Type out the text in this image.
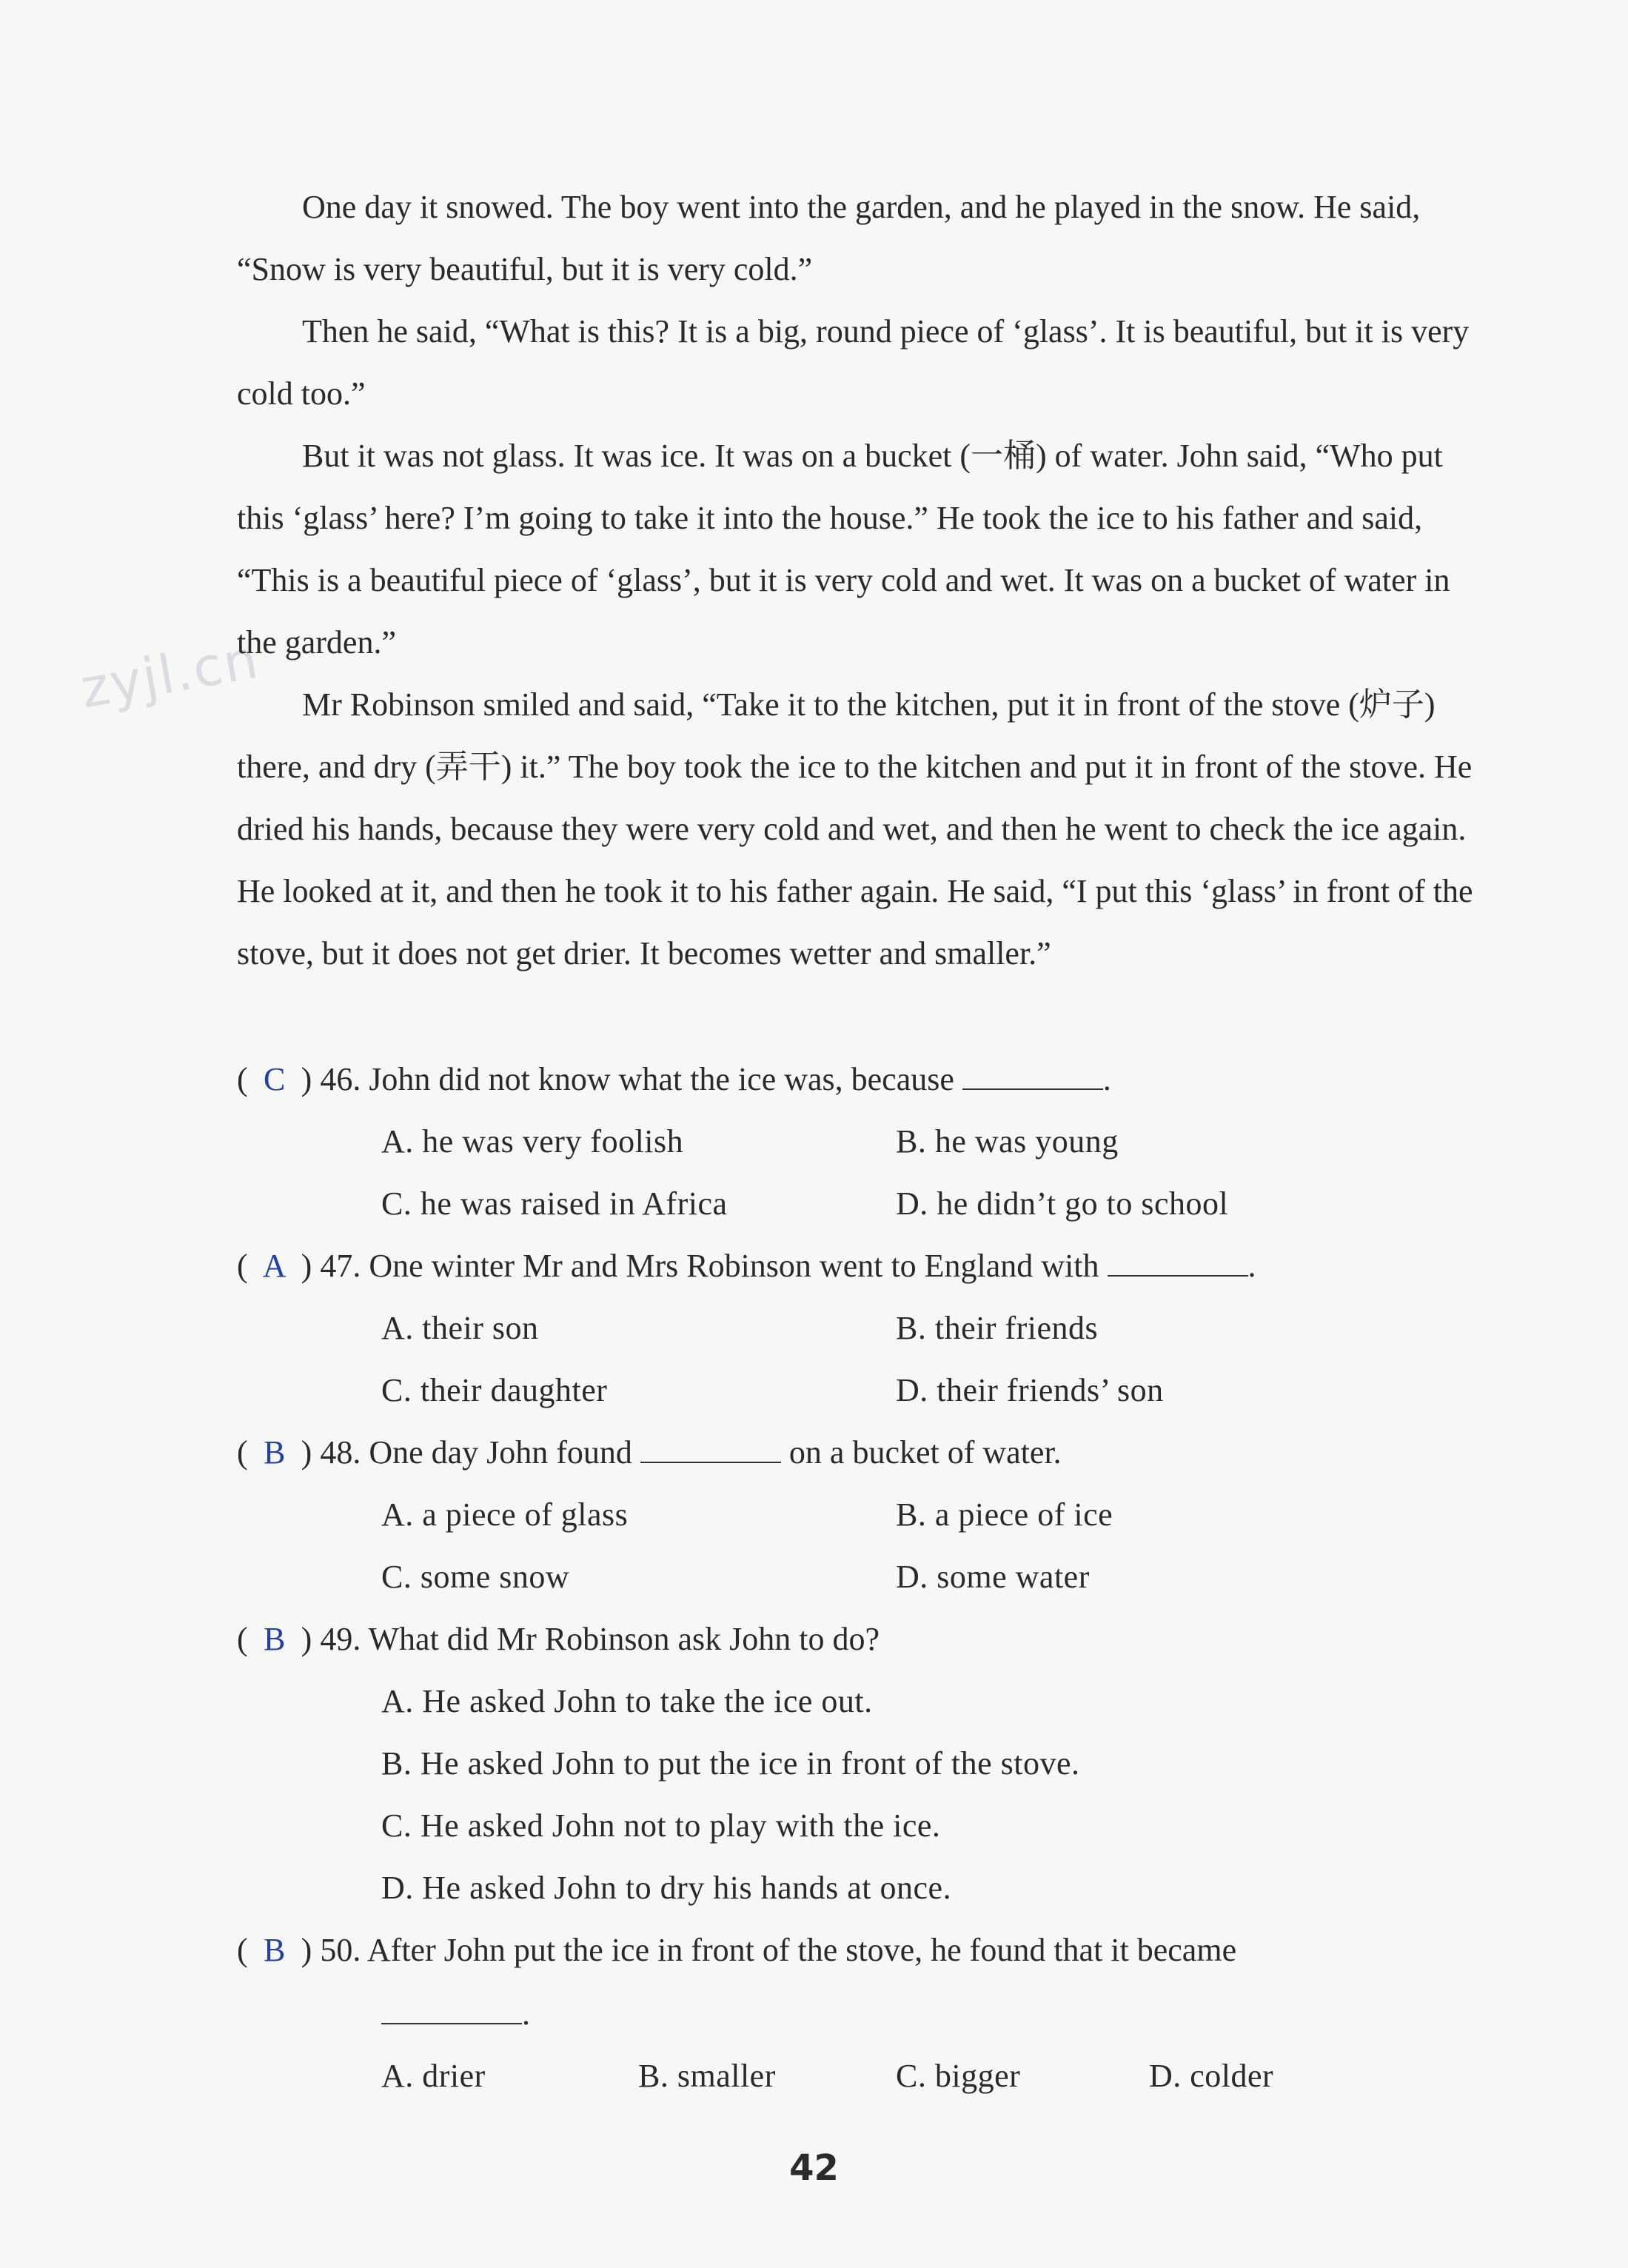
zyjl.cn

One day it snowed. The boy went into the garden, and he played in the snow. He said, “Snow is very beautiful, but it is very cold.”

Then he said, “What is this? It is a big, round piece of ‘glass’. It is beautiful, but it is very cold too.”

But it was not glass. It was ice. It was on a bucket (一桶) of water. John said, “Who put this ‘glass’ here? I’m going to take it into the house.” He took the ice to his father and said, “This is a beautiful piece of ‘glass’, but it is very cold and wet. It was on a bucket of water in the garden.”

Mr Robinson smiled and said, “Take it to the kitchen, put it in front of the stove (炉子) there, and dry (弄干) it.” The boy took the ice to the kitchen and put it in front of the stove. He dried his hands, because they were very cold and wet, and then he went to check the ice again. He looked at it, and then he took it to his father again. He said, “I put this ‘glass’ in front of the stove, but it does not get drier. It becomes wetter and smaller.”

( C ) 46. John did not know what the ice was, because	.
A. he was very foolish	B. he was young
C. he was raised in Africa	D. he didn’t go to school
( A ) 47. One winter Mr and Mrs Robinson went to England with	.
A. their son	B. their friends
C. their daughter	D. their friends’ son
( B ) 48. One day John found	on a bucket of water.
A. a piece of glass	B. a piece of ice
C. some snow	D. some water
( B ) 49. What did Mr Robinson ask John to do?
A. He asked John to take the ice out.
B. He asked John to put the ice in front of the stove.
C. He asked John not to play with the ice.
D. He asked John to dry his hands at once.
( B ) 50. After John put the ice in front of the stove, he found that it became
.
A. drier	B. smaller	C. bigger	D. colder
42
